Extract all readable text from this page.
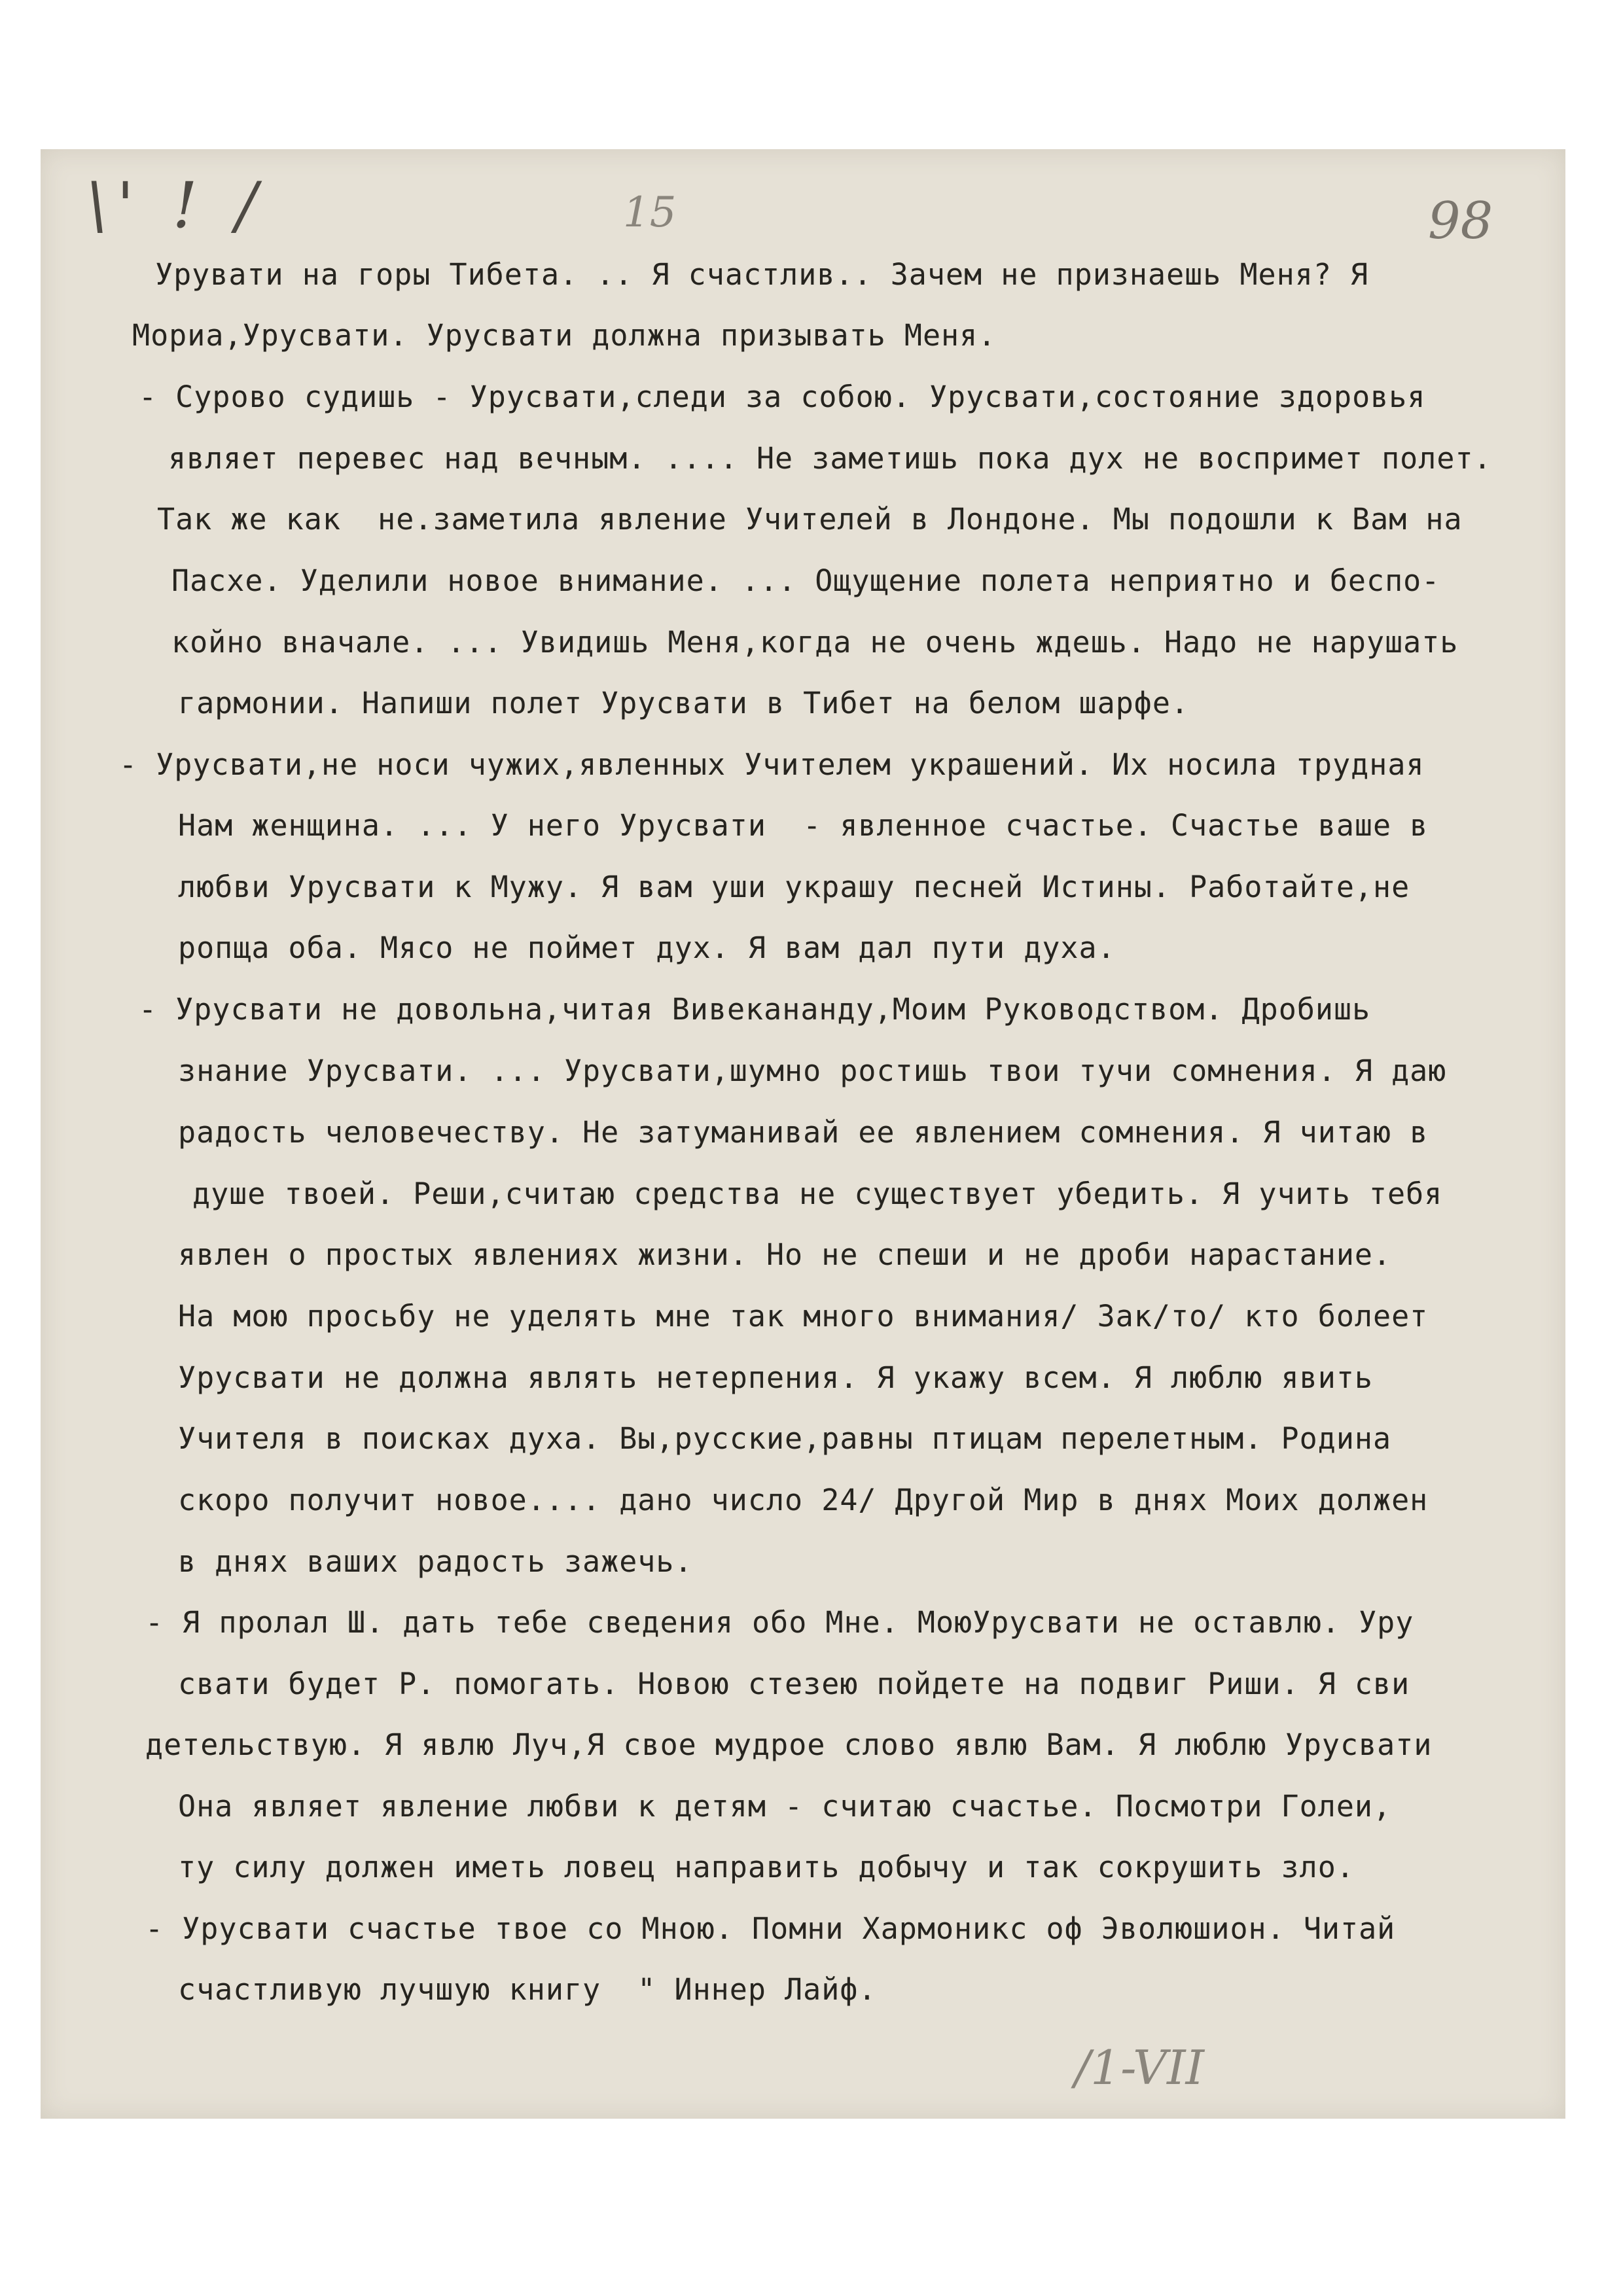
\' ! /	15	98
Урувати на горы Тибета. .. Я счастлив.. Зачем не признаешь Меня? Я
Мориа,Урусвати. Урусвати должна призывать Меня.
- Сурово судишь - Урусвати,следи за собою. Урусвати,состояние здоровья
являет перевес над вечным. .... Не заметишь пока дух не воспримет полет.
Так же как  не.заметила явление Учителей в Лондоне. Мы подошли к Вам на
Пасхе. Уделили новое внимание. ... Ощущение полета неприятно и беспо-
койно вначале. ... Увидишь Меня,когда не очень ждешь. Надо не нарушать
гармонии. Напиши полет Урусвати в Тибет на белом шарфе.
- Урусвати,не носи чужих,явленных Учителем украшений. Их носила трудная
Нам женщина. ... У него Урусвати  - явленное счастье. Счастье ваше в
любви Урусвати к Мужу. Я вам уши украшу песней Истины. Работайте,не
ропща оба. Мясо не поймет дух. Я вам дал пути духа.
- Урусвати не довольна,читая Вивекананду,Моим Руководством. Дробишь
знание Урусвати. ... Урусвати,шумно ростишь твои тучи сомнения. Я даю
радость человечеству. Не затуманивай ее явлением сомнения. Я читаю в
душе твоей. Реши,считаю средства не существует убедить. Я учить тебя
явлен о простых явлениях жизни. Но не спеши и не дроби нарастание.
На мою просьбу не уделять мне так много внимания/ Зак/то/ кто болеет
Урусвати не должна являть нетерпения. Я укажу всем. Я люблю явить
Учителя в поисках духа. Вы,русские,равны птицам перелетным. Родина
скоро получит новое.... дано число 24/ Другой Мир в днях Моих должен
в днях ваших радость зажечь.
- Я пролал Ш. дать тебе сведения обо Мне. МоюУрусвати не оставлю. Уру
свати будет Р. помогать. Новою стезею пойдете на подвиг Риши. Я сви
детельствую. Я явлю Луч,Я свое мудрое слово явлю Вам. Я люблю Урусвати
Она являет явление любви к детям - считаю счастье. Посмотри Голеи,
ту силу должен иметь ловец направить добычу и так сокрушить зло.
- Урусвати счастье твое со Мною. Помни Хармоникс оф Эволюшион. Читай
счастливую лучшую книгу  " Иннер Лайф.
/1-VII
